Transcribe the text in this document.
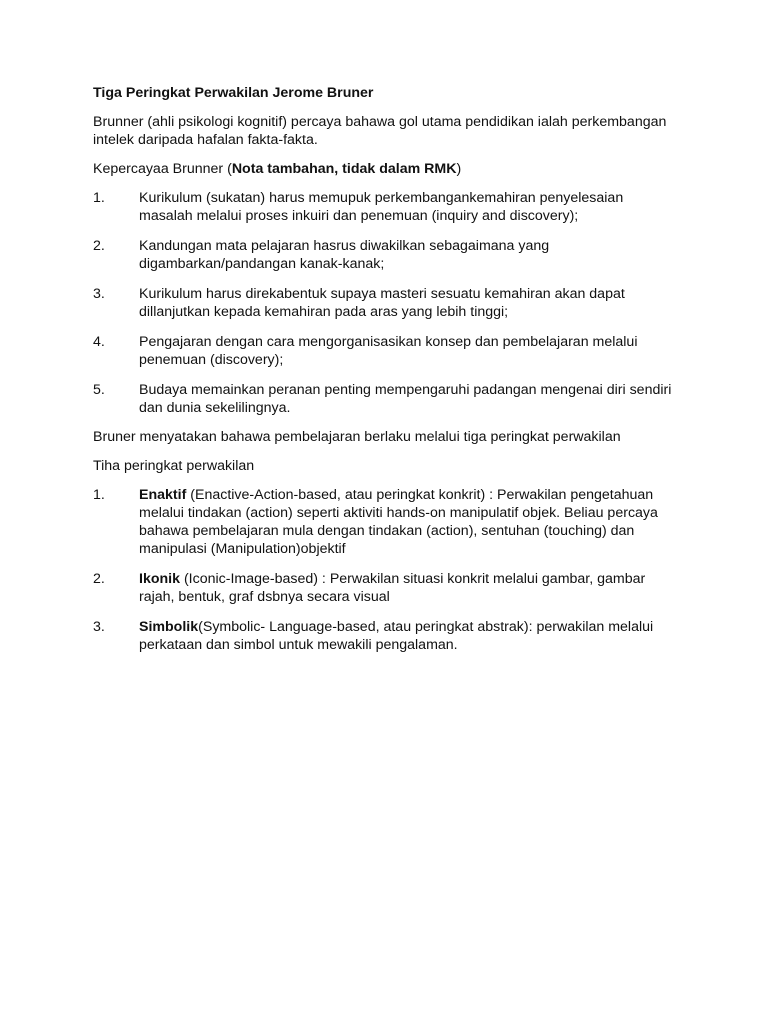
Tiga Peringkat Perwakilan Jerome Bruner
Brunner (ahli psikologi kognitif) percaya bahawa gol utama pendidikan ialah perkembangan intelek daripada hafalan fakta-fakta.
Kepercayaa Brunner (Nota tambahan, tidak dalam RMK)
1.	Kurikulum (sukatan) harus memupuk perkembangankemahiran penyelesaian masalah melalui proses inkuiri dan penemuan (inquiry and discovery);
2.	Kandungan mata pelajaran hasrus diwakilkan sebagaimana yang digambarkan/pandangan kanak-kanak;
3.	Kurikulum harus direkabentuk supaya masteri sesuatu kemahiran akan dapat dillanjutkan kepada kemahiran pada aras yang lebih tinggi;
4.	Pengajaran dengan cara mengorganisasikan konsep dan pembelajaran melalui penemuan (discovery);
5.	Budaya memainkan peranan penting mempengaruhi padangan mengenai diri sendiri dan dunia sekelilingnya.
Bruner menyatakan bahawa pembelajaran berlaku melalui tiga peringkat perwakilan
Tiha peringkat perwakilan
1.	Enaktif (Enactive-Action-based, atau peringkat konkrit) : Perwakilan pengetahuan melalui tindakan (action) seperti aktiviti hands-on manipulatif objek. Beliau percaya bahawa pembelajaran mula dengan tindakan (action), sentuhan (touching) dan manipulasi (Manipulation)objektif
2.	Ikonik (Iconic-Image-based) : Perwakilan situasi konkrit melalui gambar, gambar rajah, bentuk, graf dsbnya secara visual
3.	Simbolik(Symbolic- Language-based, atau peringkat abstrak): perwakilan melalui perkataan dan simbol untuk mewakili pengalaman.
